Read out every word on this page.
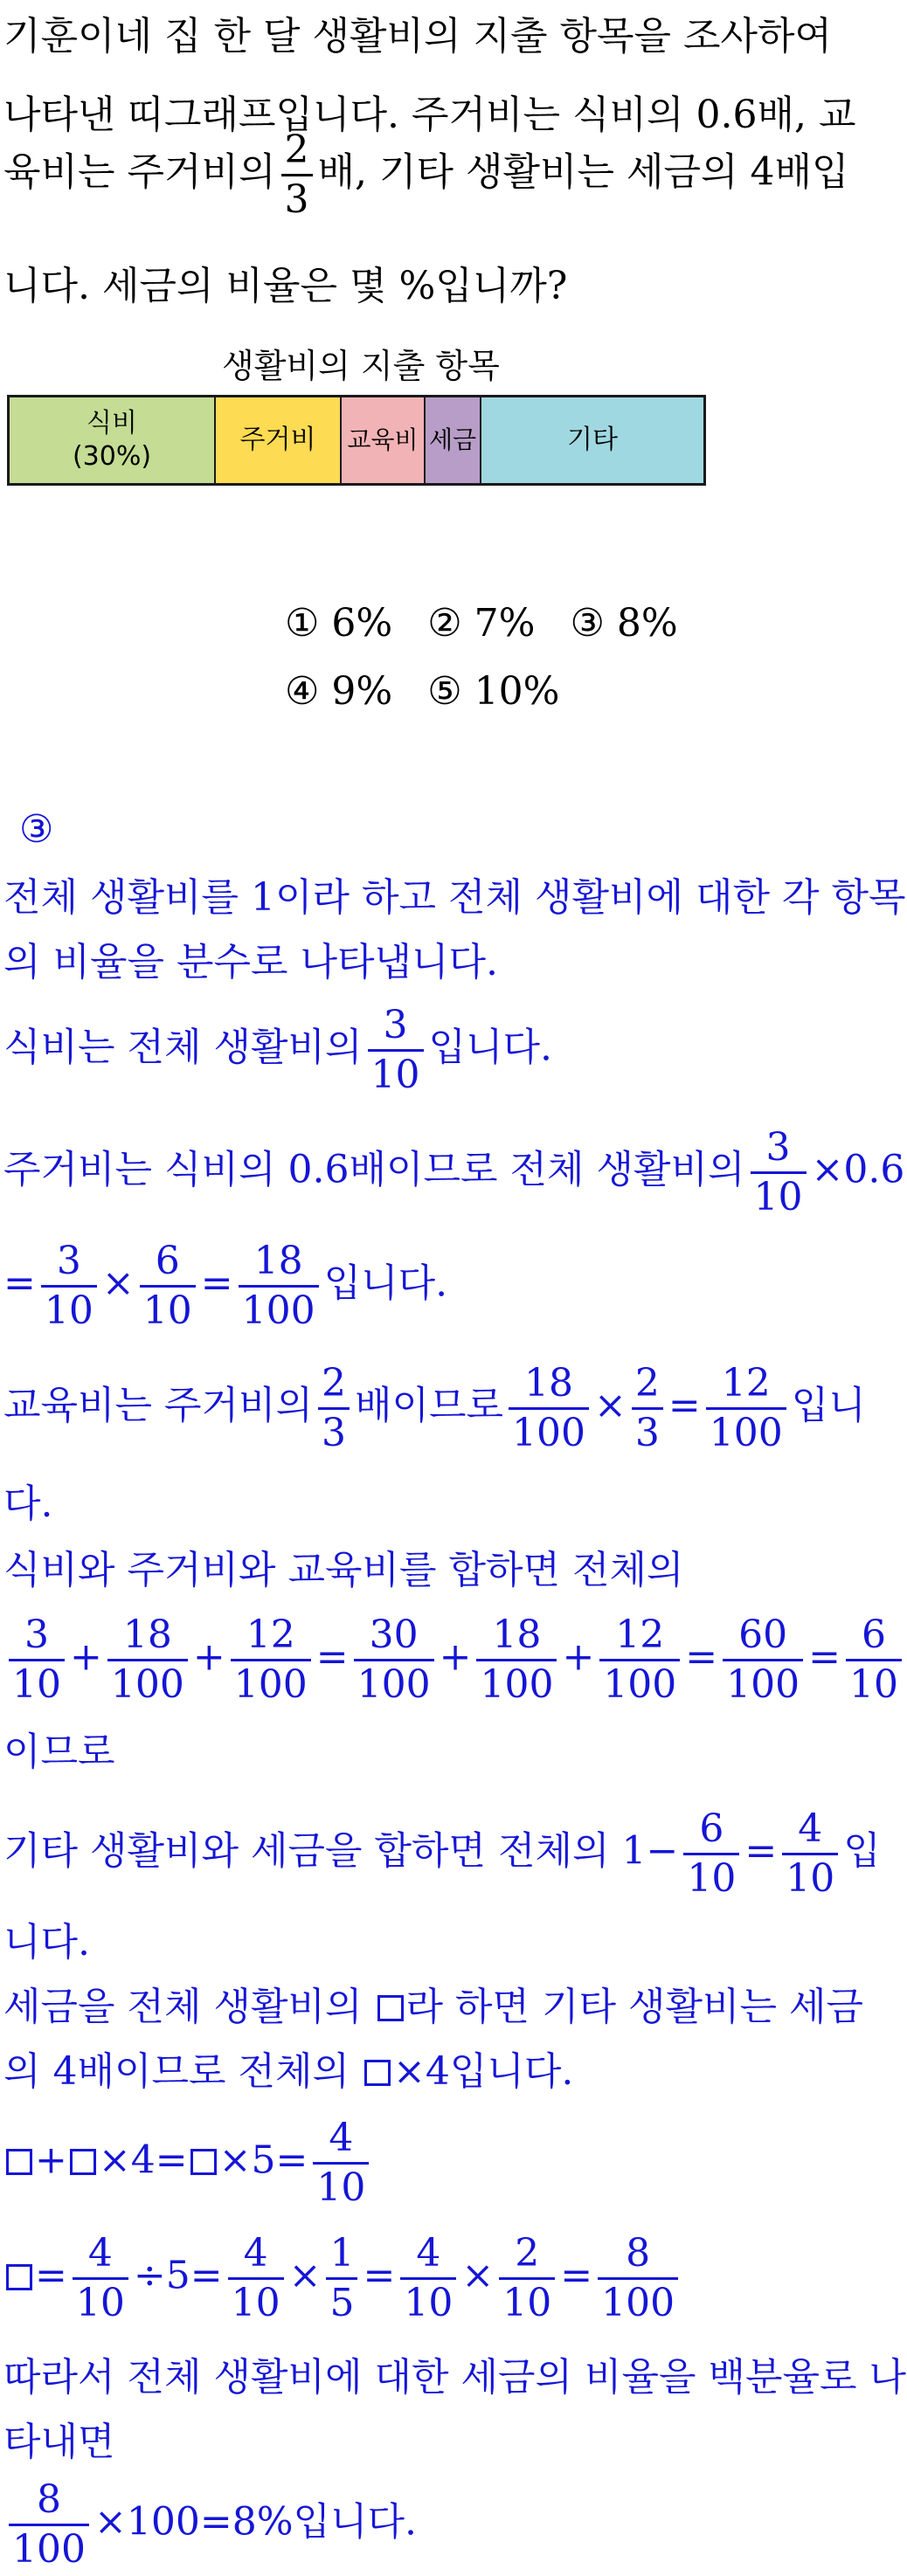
기훈이네 집 한 달 생활비의 지출 항목을 조사하여
나타낸 띠그래프입니다. 주거비는 식비의 0.6배, 교
육비는 주거비의 $\frac{2}{3}$ 배, 기타 생활비는 세금의 4배입
니다. 세금의 비율은 몇 %입니까?
생활비의 지출 항목
식비
(30%)
주거비 교육비 세금	기타
① 6% ② 7% ③ 8%
④ 9% ⑤ 10%
③
전체 생활비를 1이라 하고 전체 생활비에 대한 각 항목
의 비율을 분수로 나타냅니다.
식비는 전체 생활비의 $\frac{3}{10}$ 입니다.
주거비는 식비의 0.6배이므로 전체 생활비의 $\frac{3}{10} \times 0.6$
= $\frac{3}{10} \times \frac{6}{10} = \frac{18}{100}$ 입니다.
교육비는 주거비의 $\frac{2}{3}$ 배이므로 $\frac{18}{100} \times \frac{2}{3} = \frac{12}{100}$ 입니
다.
식비와 주거비와 교육비를 합하면 전체의
$\frac{3}{10} + \frac{18}{100} + \frac{12}{100} = \frac{30}{100} + \frac{18}{100} + \frac{12}{100} = \frac{60}{100} = \frac{6}{10}$
이므로
기타 생활비와 세금을 합하면 전체의 $1- \frac{6}{10} = \frac{4}{10}$ 입
니다.
세금을 전체 생활비의 라 하면 기타 생활비는 세금
의 4배이므로 전체의 ×4입니다.
+ $\times 4= \times 5= \frac{4}{10}$
= $\frac{4}{10} \div 5= \frac{4}{10} \times \frac{1}{5} = \frac{4}{10} \times \frac{2}{10} = \frac{8}{100}$
따라서 전체 생활비에 대한 세금의 비율을 백분율로 나
타내면
$\frac{8}{100} \times 100=8\%$입니다.
